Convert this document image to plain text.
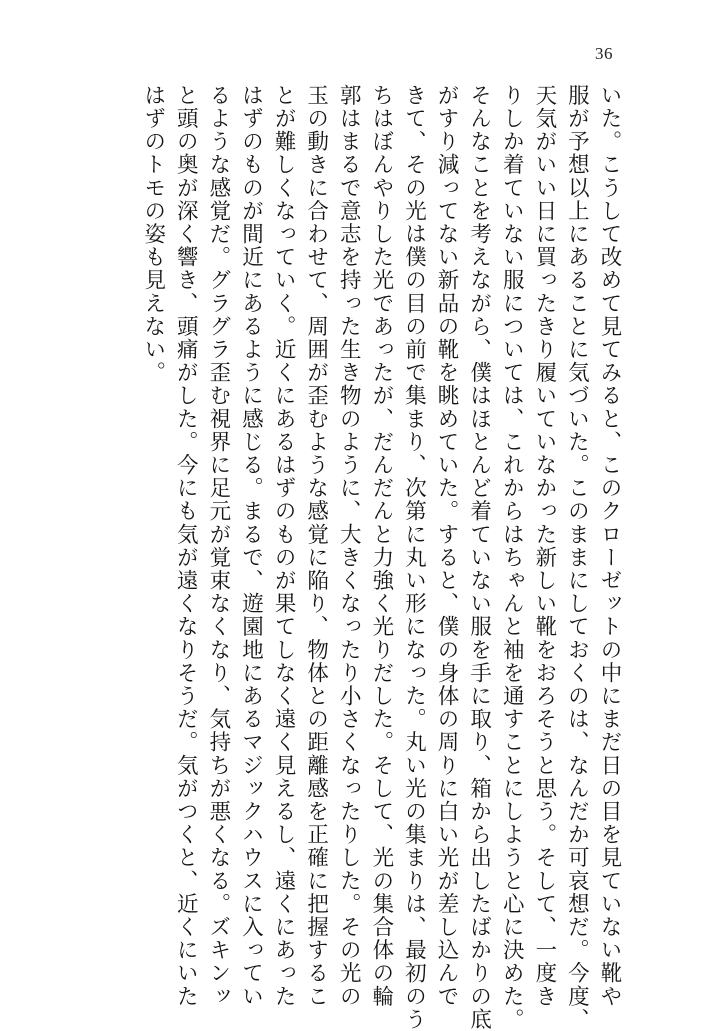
36
いた。こうして改めて見てみると、このクローゼットの中にまだ日の目を見ていない靴や
服が予想以上にあることに気づいた。このままにしておくのは、なんだか可哀想だ。今度、
天気がいい日に買ったきり履いていなかった新しい靴をおろそうと思う。そして、一度き
りしか着ていない服については、これからはちゃんと袖を通すことにしようと心に決めた。
そんなことを考えながら、僕はほとんど着ていない服を手に取り、箱から出したばかりの底
がすり減ってない新品の靴を眺めていた。すると、僕の身体の周りに白い光が差し込んで
きて、その光は僕の目の前で集まり、次第に丸い形になった。丸い光の集まりは、最初のう
ちはぼんやりした光であったが、だんだんと力強く光りだした。そして、光の集合体の輪
郭はまるで意志を持った生き物のように、大きくなったり小さくなったりした。その光の
玉の動きに合わせて、周囲が歪むような感覚に陥り、物体との距離感を正確に把握するこ
とが難しくなっていく。近くにあるはずのものが果てしなく遠く見えるし、遠くにあった
はずのものが間近にあるように感じる。まるで、遊園地にあるマジックハウスに入ってい
るような感覚だ。グラグラ歪む視界に足元が覚束なくなり、気持ちが悪くなる。ズキンッ
と頭の奥が深く響き、頭痛がした。今にも気が遠くなりそうだ。気がつくと、近くにいた
はずのトモの姿も見えない。
